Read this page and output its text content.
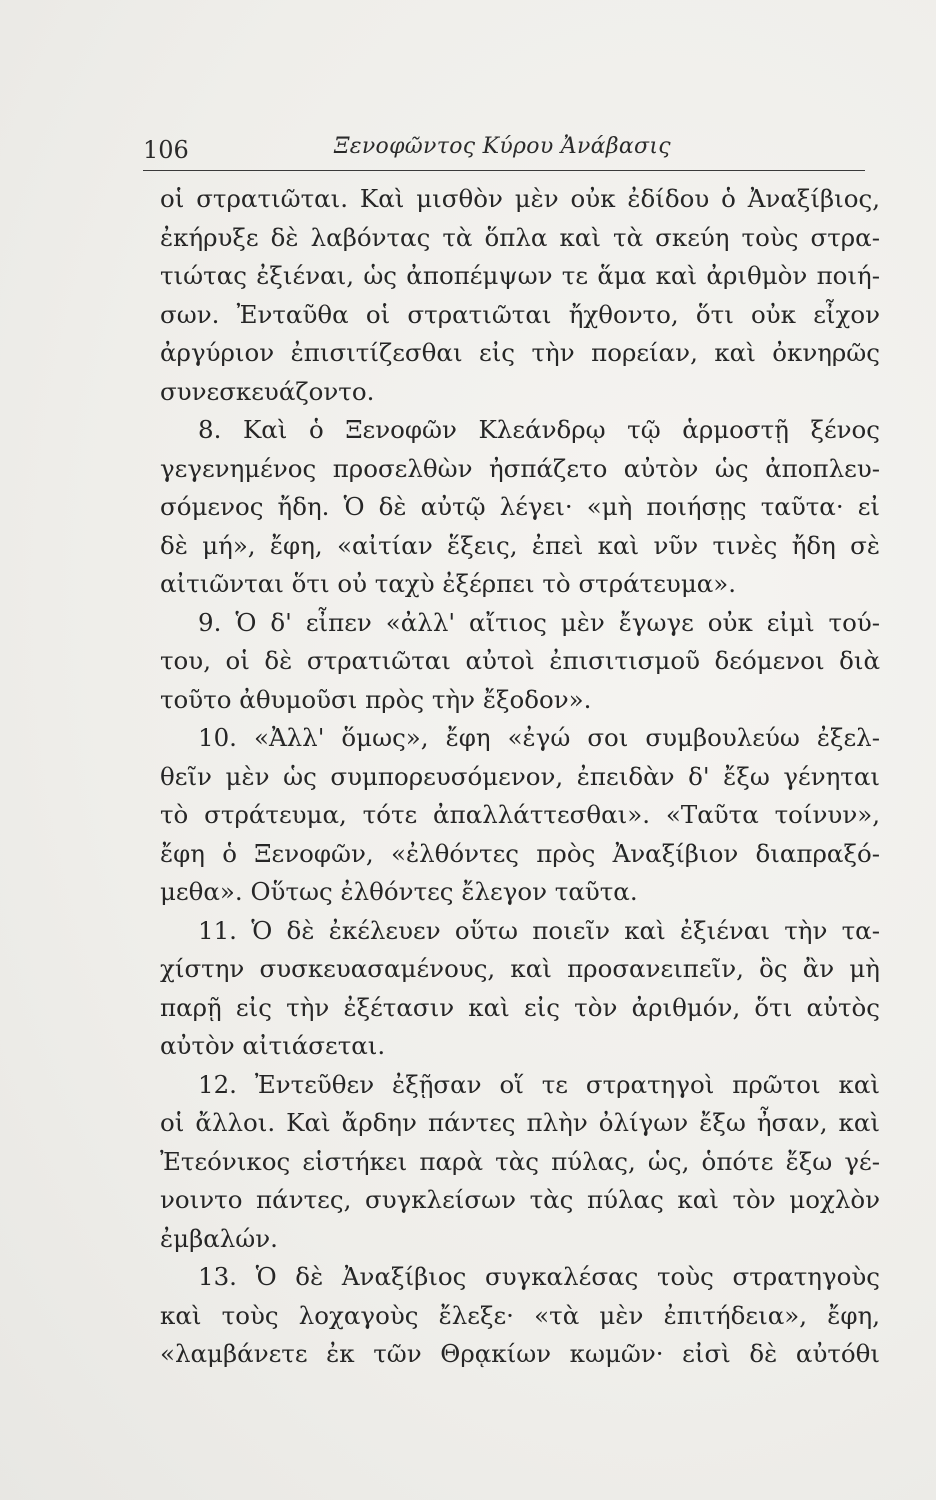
106	Ξενοφῶντος Κύρου Ἀνάβασις
οἱ στρατιῶται. Καὶ μισθὸν μὲν οὐκ ἐδίδου ὁ Ἀναξίβιος,
ἐκήρυξε δὲ λαβόντας τὰ ὅπλα καὶ τὰ σκεύη τοὺς στρα-
τιώτας ἐξιέναι, ὡς ἀποπέμψων τε ἅμα καὶ ἀριθμὸν ποιή-
σων. Ἐνταῦθα οἱ στρατιῶται ἤχθοντο, ὅτι οὐκ εἶχον
ἀργύριον ἐπισιτίζεσθαι εἰς τὴν πορείαν, καὶ ὀκνηρῶς
συνεσκευάζοντο.
8. Καὶ ὁ Ξενοφῶν Κλεάνδρῳ τῷ ἁρμοστῇ ξένος
γεγενημένος προσελθὼν ἠσπάζετο αὐτὸν ὡς ἀποπλευ-
σόμενος ἤδη. Ὁ δὲ αὐτῷ λέγει· «μὴ ποιήσῃς ταῦτα· εἰ
δὲ μή», ἔφη, «αἰτίαν ἕξεις, ἐπεὶ καὶ νῦν τινὲς ἤδη σὲ
αἰτιῶνται ὅτι οὐ ταχὺ ἐξέρπει τὸ στράτευμα».
9. Ὁ δ' εἶπεν «ἀλλ' αἴτιος μὲν ἔγωγε οὐκ εἰμὶ τού-
του, οἱ δὲ στρατιῶται αὐτοὶ ἐπισιτισμοῦ δεόμενοι διὰ
τοῦτο ἀθυμοῦσι πρὸς τὴν ἔξοδον».
10. «Ἀλλ' ὅμως», ἔφη «ἐγώ σοι συμβουλεύω ἐξελ-
θεῖν μὲν ὡς συμπορευσόμενον, ἐπειδὰν δ' ἔξω γένηται
τὸ στράτευμα, τότε ἀπαλλάττεσθαι». «Ταῦτα τοίνυν»,
ἔφη ὁ Ξενοφῶν, «ἐλθόντες πρὸς Ἀναξίβιον διαπραξό-
μεθα». Οὕτως ἐλθόντες ἔλεγον ταῦτα.
11. Ὁ δὲ ἐκέλευεν οὕτω ποιεῖν καὶ ἐξιέναι τὴν τα-
χίστην συσκευασαμένους, καὶ προσανειπεῖν, ὃς ἂν μὴ
παρῇ εἰς τὴν ἐξέτασιν καὶ εἰς τὸν ἀριθμόν, ὅτι αὐτὸς
αὐτὸν αἰτιάσεται.
12. Ἐντεῦθεν ἐξῇσαν οἵ τε στρατηγοὶ πρῶτοι καὶ
οἱ ἄλλοι. Καὶ ἄρδην πάντες πλὴν ὀλίγων ἔξω ἦσαν, καὶ
Ἐτεόνικος εἱστήκει παρὰ τὰς πύλας, ὡς, ὁπότε ἔξω γέ-
νοιντο πάντες, συγκλείσων τὰς πύλας καὶ τὸν μοχλὸν
ἐμβαλών.
13. Ὁ δὲ Ἀναξίβιος συγκαλέσας τοὺς στρατηγοὺς
καὶ τοὺς λοχαγοὺς ἔλεξε· «τὰ μὲν ἐπιτήδεια», ἔφη,
«λαμβάνετε ἐκ τῶν Θρᾳκίων κωμῶν· εἰσὶ δὲ αὐτόθι
